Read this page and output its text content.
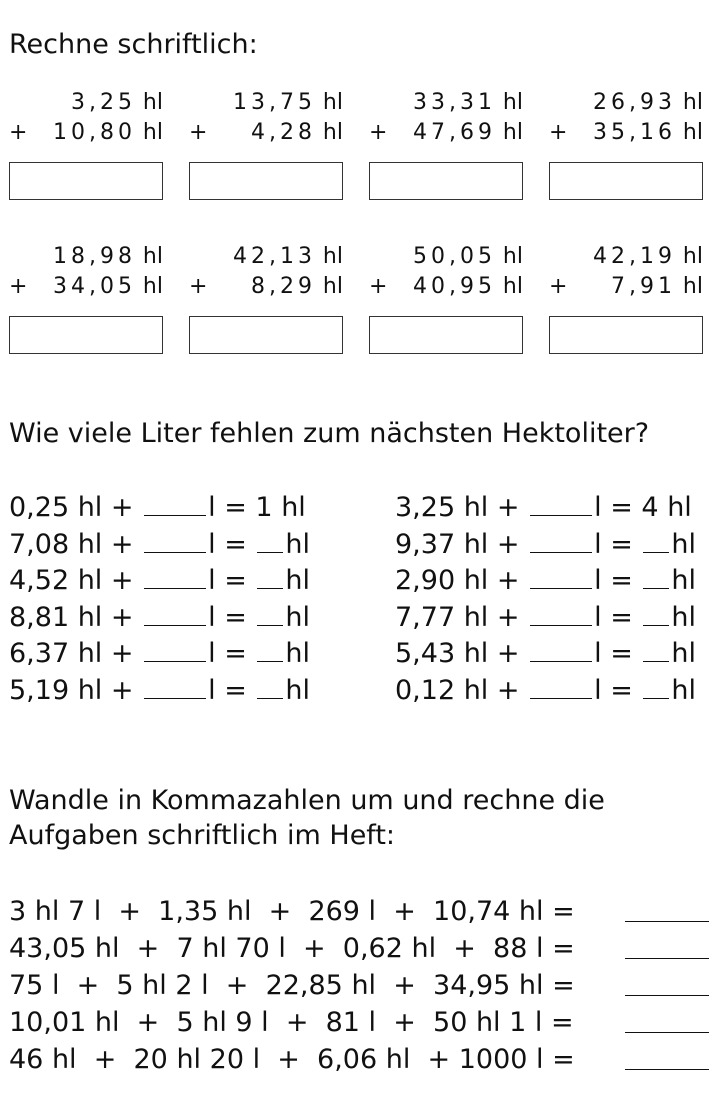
Rechne schriftlich:
3,25 hl
+ 10,80 hl
13,75 hl
+ 4,28 hl
33,31 hl
+ 47,69 hl
26,93 hl
+ 35,16 hl
18,98 hl
+ 34,05 hl
42,13 hl
+ 8,29 hl
50,05 hl
+ 40,95 hl
42,19 hl
+ 7,91 hl
Wie viele Liter fehlen zum nächsten Hektoliter?
0,25 hl +	l = 1 hl	3,25 hl +	l = 4 hl
7,08 hl +	l = hl	9,37 hl +	l = hl
4,52 hl +	l = hl	2,90 hl +	l = hl
8,81 hl +	l = hl	7,77 hl +	l = hl
6,37 hl +	l = hl	5,43 hl +	l = hl
5,19 hl +	l = hl	0,12 hl +	l = hl
Wandle in Kommazahlen um und rechne die
Aufgaben schriftlich im Heft:
3 hl 7 l  +  1,35 hl  +  269 l  +  10,74 hl =
43,05 hl  +  7 hl 70 l  +  0,62 hl  +  88 l =
75 l  +  5 hl 2 l  +  22,85 hl  +  34,95 hl =
10,01 hl  +  5 hl 9 l  +  81 l  +  50 hl 1 l =
46 hl  +  20 hl 20 l  +  6,06 hl  + 1000 l =
